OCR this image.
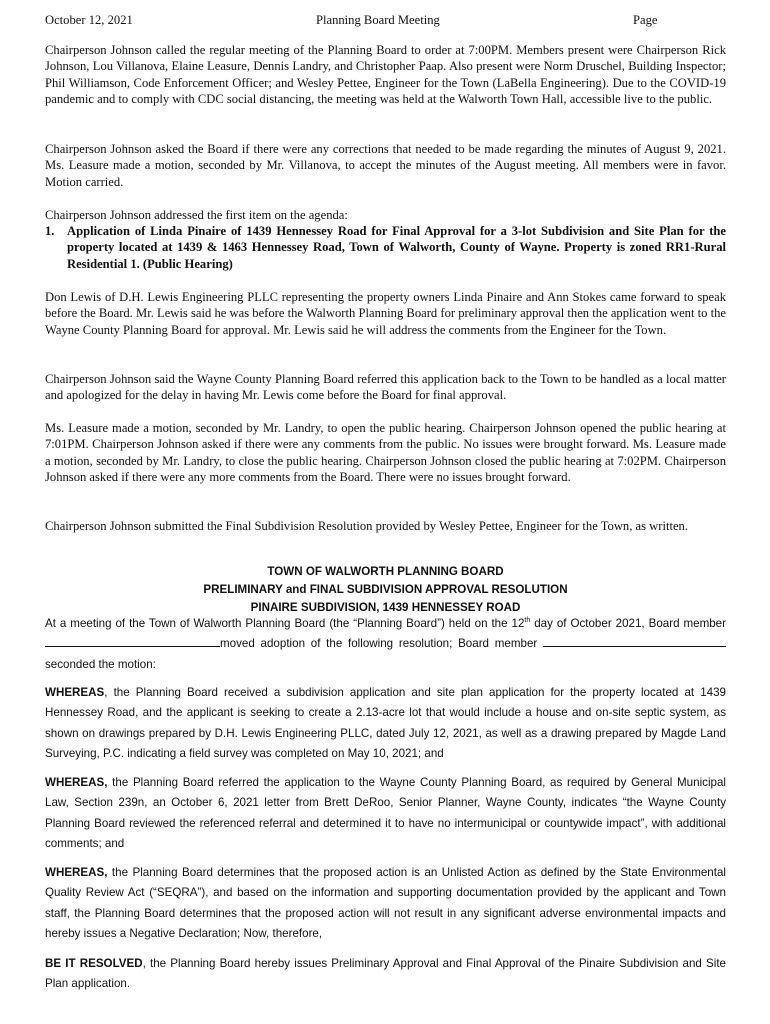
October 12, 2021	Planning Board Meeting	Page

Chairperson Johnson called the regular meeting of the Planning Board to order at 7:00PM. Members present were Chairperson Rick Johnson, Lou Villanova, Elaine Leasure, Dennis Landry, and Christopher Paap. Also present were Norm Druschel, Building Inspector; Phil Williamson, Code Enforcement Officer; and Wesley Pettee, Engineer for the Town (LaBella Engineering). Due to the COVID-19 pandemic and to comply with CDC social distancing, the meeting was held at the Walworth Town Hall, accessible live to the public.

Chairperson Johnson asked the Board if there were any corrections that needed to be made regarding the minutes of August 9, 2021. Ms. Leasure made a motion, seconded by Mr. Villanova, to accept the minutes of the August meeting. All members were in favor. Motion carried.

Chairperson Johnson addressed the first item on the agenda:

1. Application of Linda Pinaire of 1439 Hennessey Road for Final Approval for a 3-lot Subdivision and Site Plan for the property located at 1439 & 1463 Hennessey Road, Town of Walworth, County of Wayne. Property is zoned RR1-Rural Residential 1. (Public Hearing)

Don Lewis of D.H. Lewis Engineering PLLC representing the property owners Linda Pinaire and Ann Stokes came forward to speak before the Board. Mr. Lewis said he was before the Walworth Planning Board for preliminary approval then the application went to the Wayne County Planning Board for approval. Mr. Lewis said he will address the comments from the Engineer for the Town.

Chairperson Johnson said the Wayne County Planning Board referred this application back to the Town to be handled as a local matter and apologized for the delay in having Mr. Lewis come before the Board for final approval.

Ms. Leasure made a motion, seconded by Mr. Landry, to open the public hearing. Chairperson Johnson opened the public hearing at 7:01PM. Chairperson Johnson asked if there were any comments from the public. No issues were brought forward. Ms. Leasure made a motion, seconded by Mr. Landry, to close the public hearing. Chairperson Johnson closed the public hearing at 7:02PM. Chairperson Johnson asked if there were any more comments from the Board. There were no issues brought forward.

Chairperson Johnson submitted the Final Subdivision Resolution provided by Wesley Pettee, Engineer for the Town, as written.

TOWN OF WALWORTH PLANNING BOARD
PRELIMINARY and FINAL SUBDIVISION APPROVAL RESOLUTION
PINAIRE SUBDIVISION, 1439 HENNESSEY ROAD

At a meeting of the Town of Walworth Planning Board (the “Planning Board”) held on the 12th day of October 2021, Board member moved adoption of the following resolution; Board member seconded the motion:

WHEREAS, the Planning Board received a subdivision application and site plan application for the property located at 1439 Hennessey Road, and the applicant is seeking to create a 2.13-acre lot that would include a house and on-site septic system, as shown on drawings prepared by D.H. Lewis Engineering PLLC, dated July 12, 2021, as well as a drawing prepared by Magde Land Surveying, P.C. indicating a field survey was completed on May 10, 2021; and

WHEREAS, the Planning Board referred the application to the Wayne County Planning Board, as required by General Municipal Law, Section 239n, an October 6, 2021 letter from Brett DeRoo, Senior Planner, Wayne County, indicates “the Wayne County Planning Board reviewed the referenced referral and determined it to have no intermunicipal or countywide impact”, with additional comments; and

WHEREAS, the Planning Board determines that the proposed action is an Unlisted Action as defined by the State Environmental Quality Review Act (“SEQRA”), and based on the information and supporting documentation provided by the applicant and Town staff, the Planning Board determines that the proposed action will not result in any significant adverse environmental impacts and hereby issues a Negative Declaration; Now, therefore,

BE IT RESOLVED, the Planning Board hereby issues Preliminary Approval and Final Approval of the Pinaire Subdivision and Site Plan application.
